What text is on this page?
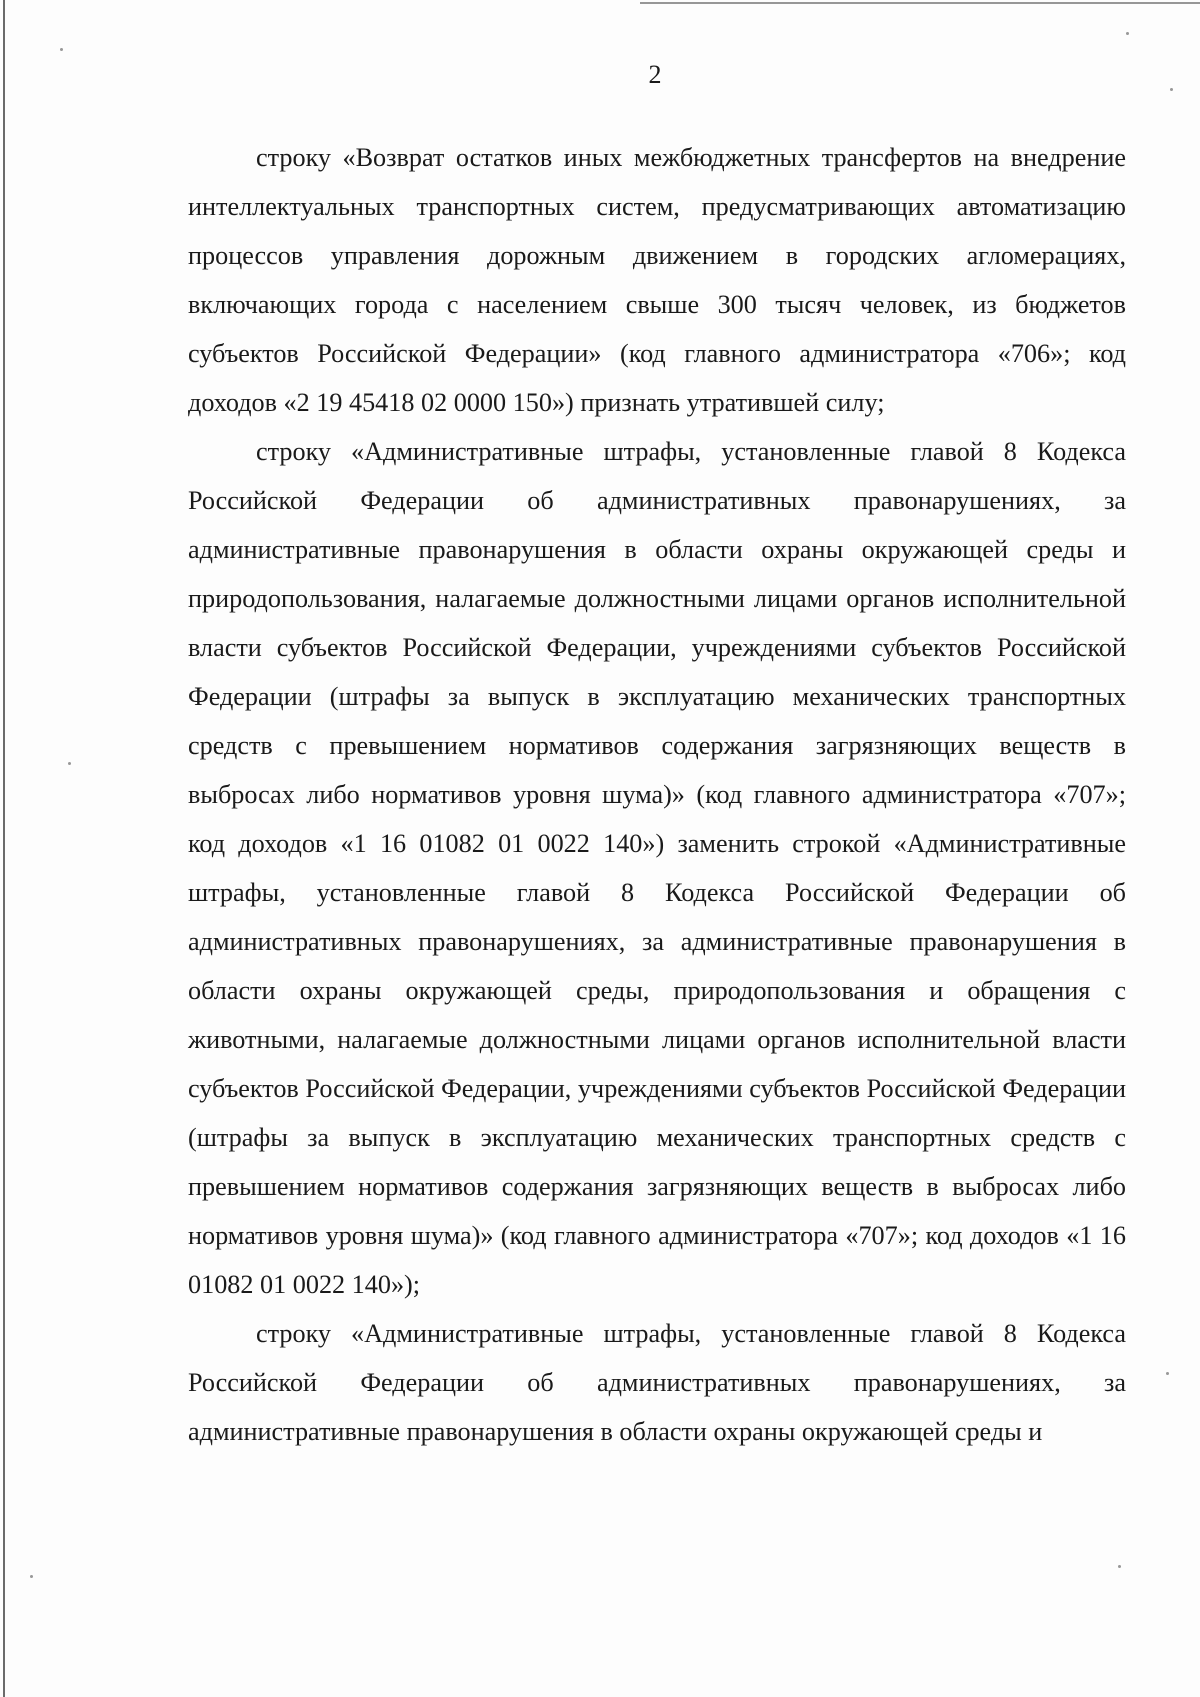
2

строку «Возврат остатков иных межбюджетных трансфертов на внедрение интеллектуальных транспортных систем, предусматривающих автоматизацию процессов управления дорожным движением в городских агломерациях, включающих города с населением свыше 300 тысяч человек, из бюджетов субъектов Российской Федерации» (код главного администратора «706»; код доходов «2 19 45418 02 0000 150») признать утратившей силу;

строку «Административные штрафы, установленные главой 8 Кодекса Российской Федерации об административных правонарушениях, за административные правонарушения в области охраны окружающей среды и природопользования, налагаемые должностными лицами органов исполнительной власти субъектов Российской Федерации, учреждениями субъектов Российской Федерации (штрафы за выпуск в эксплуатацию механических транспортных средств с превышением нормативов содержания загрязняющих веществ в выбросах либо нормативов уровня шума)» (код главного администратора «707»; код доходов «1 16 01082 01 0022 140») заменить строкой «Административные штрафы, установленные главой 8 Кодекса Российской Федерации об административных правонарушениях, за административные правонарушения в области охраны окружающей среды, природопользования и обращения с животными, налагаемые должностными лицами органов исполнительной власти субъектов Российской Федерации, учреждениями субъектов Российской Федерации (штрафы за выпуск в эксплуатацию механических транспортных средств с превышением нормативов содержания загрязняющих веществ в выбросах либо нормативов уровня шума)» (код главного администратора «707»; код доходов «1 16 01082 01 0022 140»);

строку «Административные штрафы, установленные главой 8 Кодекса Российской Федерации об административных правонарушениях, за административные правонарушения в области охраны окружающей среды и
